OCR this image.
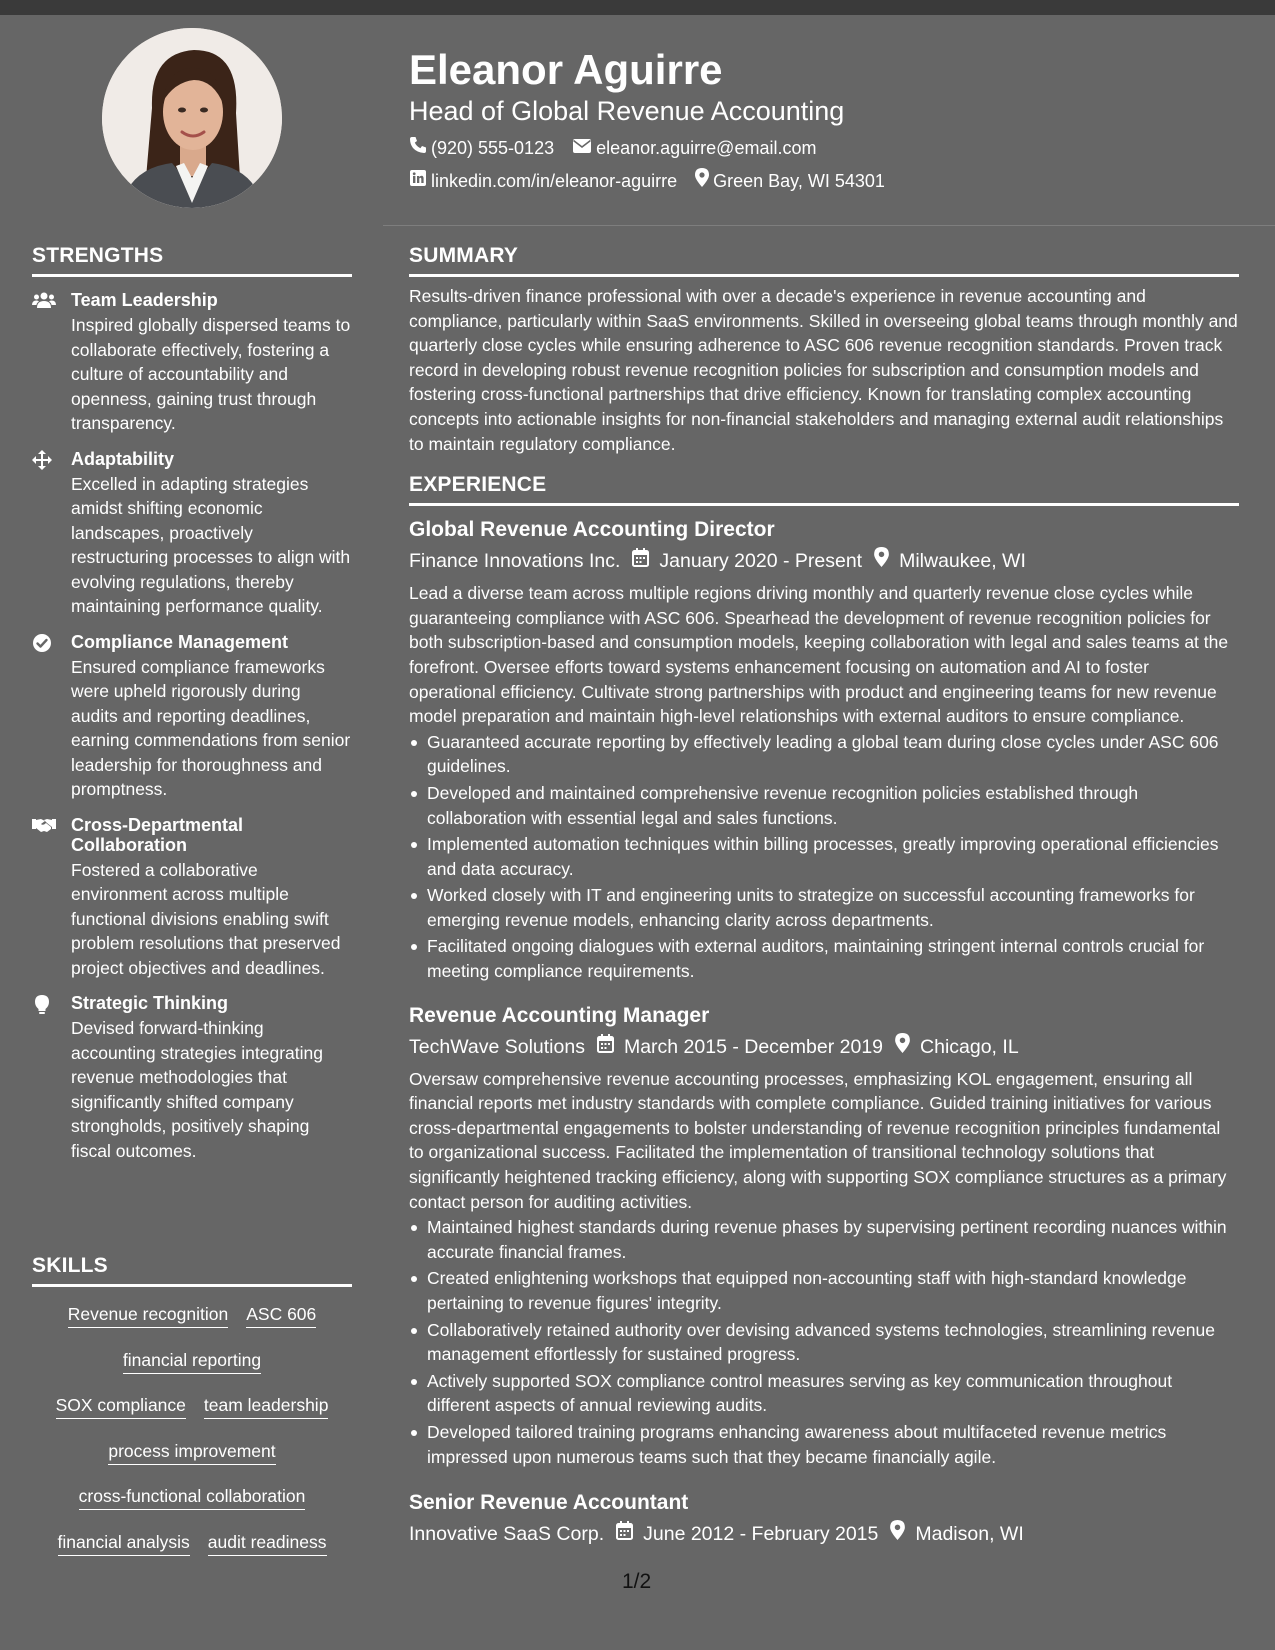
STRENGTHS
Team Leadership
Inspired globally dispersed teams to collaborate effectively, fostering a culture of accountability and openness, gaining trust through transparency.
Adaptability
Excelled in adapting strategies amidst shifting economic landscapes, proactively restructuring processes to align with evolving regulations, thereby maintaining performance quality.
Compliance Management
Ensured compliance frameworks were upheld rigorously during audits and reporting deadlines, earning commendations from senior leadership for thoroughness and promptness.
Cross-Departmental Collaboration
Fostered a collaborative environment across multiple functional divisions enabling swift problem resolutions that preserved project objectives and deadlines.
Strategic Thinking
Devised forward-thinking accounting strategies integrating revenue methodologies that significantly shifted company strongholds, positively shaping fiscal outcomes.
SKILLS
Revenue recognition ASC 606
financial reporting
SOX compliance team leadership
process improvement
cross-functional collaboration
financial analysis audit readiness
Eleanor Aguirre
Head of Global Revenue Accounting
(920) 555-0123 eleanor.aguirre@email.com
linkedin.com/in/eleanor-aguirre Green Bay, WI 54301
SUMMARY
Results-driven finance professional with over a decade's experience in revenue accounting and compliance, particularly within SaaS environments. Skilled in overseeing global teams through monthly and quarterly close cycles while ensuring adherence to ASC 606 revenue recognition standards. Proven track record in developing robust revenue recognition policies for subscription and consumption models and fostering cross-functional partnerships that drive efficiency. Known for translating complex accounting concepts into actionable insights for non-financial stakeholders and managing external audit relationships to maintain regulatory compliance.
EXPERIENCE
Global Revenue Accounting Director
Finance Innovations Inc. January 2020 - Present Milwaukee, WI
Lead a diverse team across multiple regions driving monthly and quarterly revenue close cycles while guaranteeing compliance with ASC 606. Spearhead the development of revenue recognition policies for both subscription-based and consumption models, keeping collaboration with legal and sales teams at the forefront. Oversee efforts toward systems enhancement focusing on automation and AI to foster operational efficiency. Cultivate strong partnerships with product and engineering teams for new revenue model preparation and maintain high-level relationships with external auditors to ensure compliance.
Guaranteed accurate reporting by effectively leading a global team during close cycles under ASC 606 guidelines.
Developed and maintained comprehensive revenue recognition policies established through collaboration with essential legal and sales functions.
Implemented automation techniques within billing processes, greatly improving operational efficiencies and data accuracy.
Worked closely with IT and engineering units to strategize on successful accounting frameworks for emerging revenue models, enhancing clarity across departments.
Facilitated ongoing dialogues with external auditors, maintaining stringent internal controls crucial for meeting compliance requirements.
Revenue Accounting Manager
TechWave Solutions March 2015 - December 2019 Chicago, IL
Oversaw comprehensive revenue accounting processes, emphasizing KOL engagement, ensuring all financial reports met industry standards with complete compliance. Guided training initiatives for various cross-departmental engagements to bolster understanding of revenue recognition principles fundamental to organizational success. Facilitated the implementation of transitional technology solutions that significantly heightened tracking efficiency, along with supporting SOX compliance structures as a primary contact person for auditing activities.
Maintained highest standards during revenue phases by supervising pertinent recording nuances within accurate financial frames.
Created enlightening workshops that equipped non-accounting staff with high-standard knowledge pertaining to revenue figures' integrity.
Collaboratively retained authority over devising advanced systems technologies, streamlining revenue management effortlessly for sustained progress.
Actively supported SOX compliance control measures serving as key communication throughout different aspects of annual reviewing audits.
Developed tailored training programs enhancing awareness about multifaceted revenue metrics impressed upon numerous teams such that they became financially agile.
Senior Revenue Accountant
Innovative SaaS Corp. June 2012 - February 2015 Madison, WI
1/2
